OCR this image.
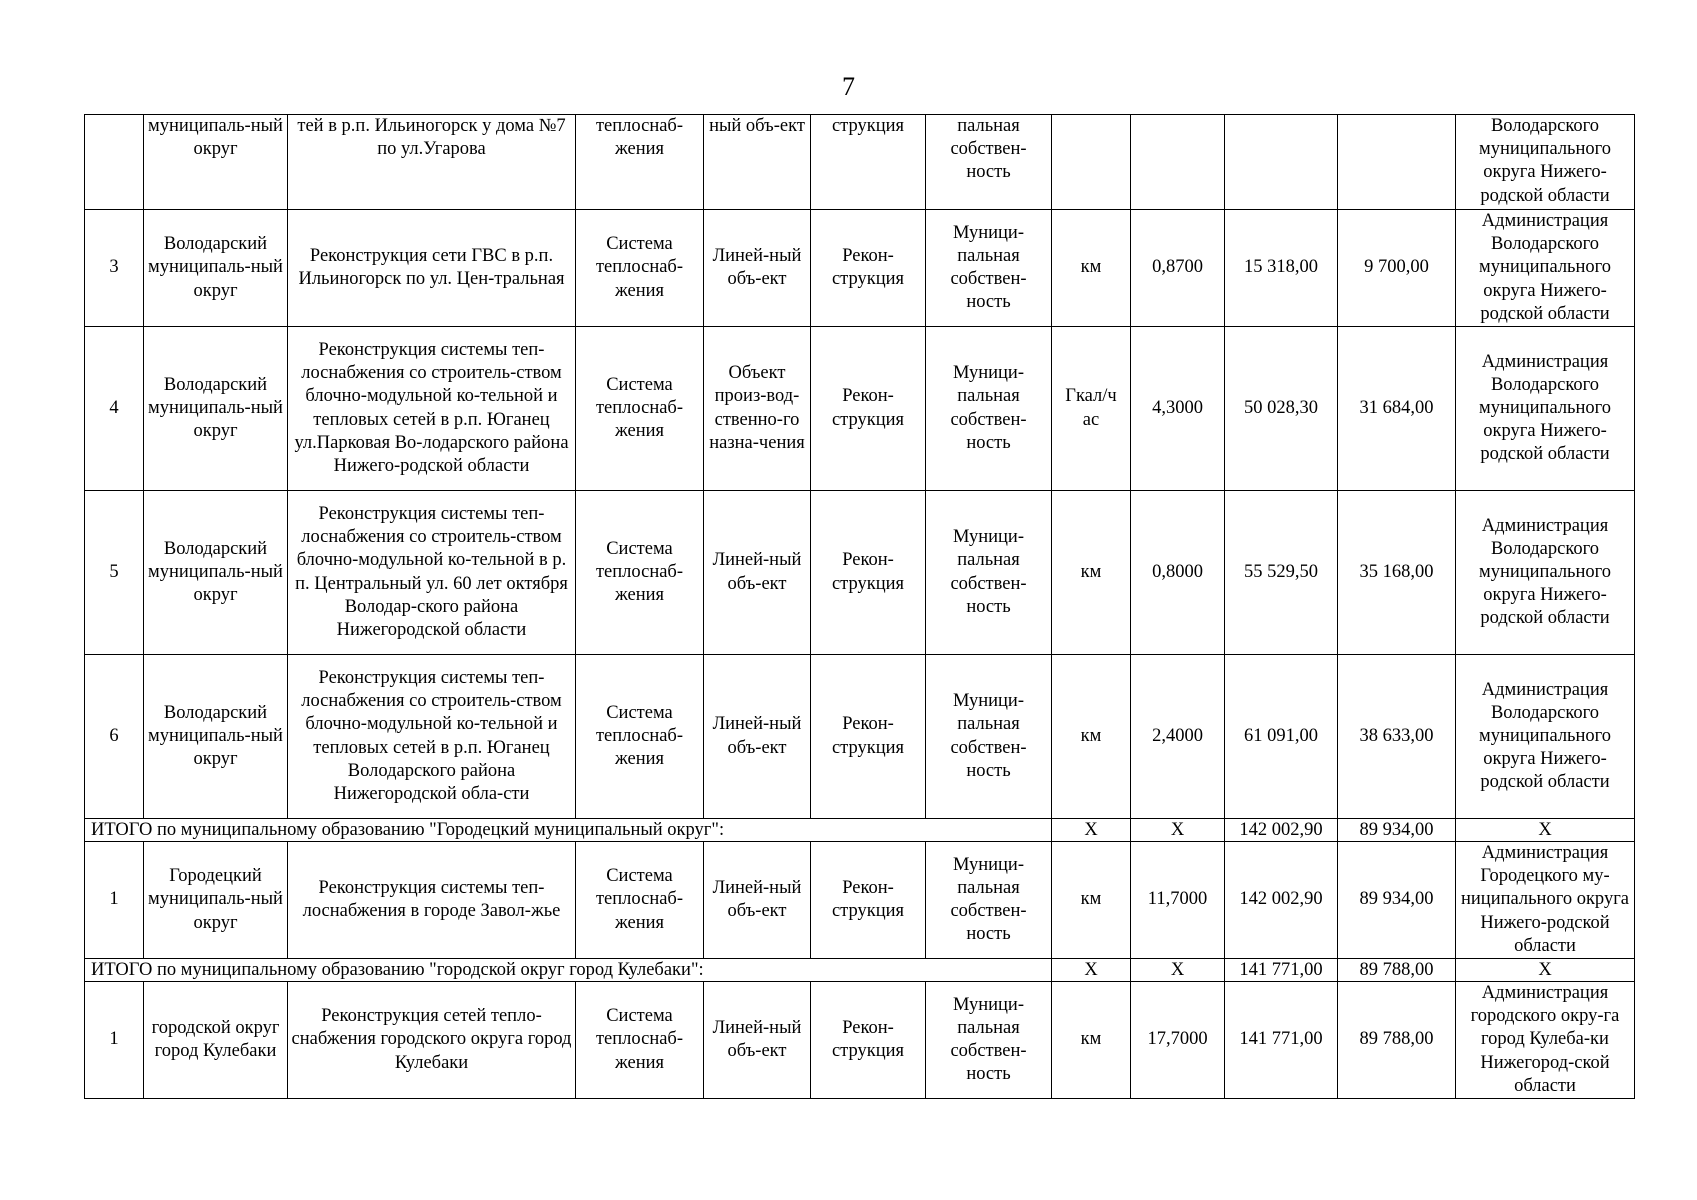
7
	муниципаль-ный округ	тей в р.п. Ильиногорск у дома №7 по ул.Угарова	теплоснаб-жения	ный объ-ект	струкция	пальная собствен-ность					Володарского муниципального округа Нижего-родской области
3	Володарский муниципаль-ный округ	Реконструкция сети ГВС в р.п. Ильиногорск по ул. Цен-тральная	Система теплоснаб-жения	Линей-ный объ-ект	Рекон-струкция	Муници-пальная собствен-ность	км	0,8700	15 318,00	9 700,00	Администрация Володарского муниципального округа Нижего-родской области
4	Володарский муниципаль-ный округ	Реконструкция системы теп-лоснабжения со строитель-ством блочно-модульной ко-тельной и тепловых сетей в р.п. Юганец ул.Парковая Во-лодарского района Нижего-родской области	Система теплоснаб-жения	Объект произ-вод-ственно-го назна-чения	Рекон-струкция	Муници-пальная собствен-ность	Гкал/ч ас	4,3000	50 028,30	31 684,00	Администрация Володарского муниципального округа Нижего-родской области
5	Володарский муниципаль-ный округ	Реконструкция системы теп-лоснабжения со строитель-ством блочно-модульной ко-тельной в р. п. Центральный ул. 60 лет октября Володар-ского района Нижегородской области	Система теплоснаб-жения	Линей-ный объ-ект	Рекон-струкция	Муници-пальная собствен-ность	км	0,8000	55 529,50	35 168,00	Администрация Володарского муниципального округа Нижего-родской области
6	Володарский муниципаль-ный округ	Реконструкция системы теп-лоснабжения со строитель-ством блочно-модульной ко-тельной и тепловых сетей в р.п. Юганец Володарского района Нижегородской обла-сти	Система теплоснаб-жения	Линей-ный объ-ект	Рекон-струкция	Муници-пальная собствен-ность	км	2,4000	61 091,00	38 633,00	Администрация Володарского муниципального округа Нижего-родской области
ИТОГО по муниципальному образованию "Городецкий муниципальный округ":							X	X	142 002,90	89 934,00	X
1	Городецкий муниципаль-ный округ	Реконструкция системы теп-лоснабжения в городе Завол-жье	Система теплоснаб-жения	Линей-ный объ-ект	Рекон-струкция	Муници-пальная собствен-ность	км	11,7000	142 002,90	89 934,00	Администрация Городецкого му-ниципального округа Нижего-родской области
ИТОГО по муниципальному образованию "городской округ город Кулебаки":							X	X	141 771,00	89 788,00	X
1	городской округ город Кулебаки	Реконструкция сетей тепло-снабжения городского округа город Кулебаки	Система теплоснаб-жения	Линей-ный объ-ект	Рекон-струкция	Муници-пальная собствен-ность	км	17,7000	141 771,00	89 788,00	Администрация городского окру-га город Кулеба-ки Нижегород-ской области
